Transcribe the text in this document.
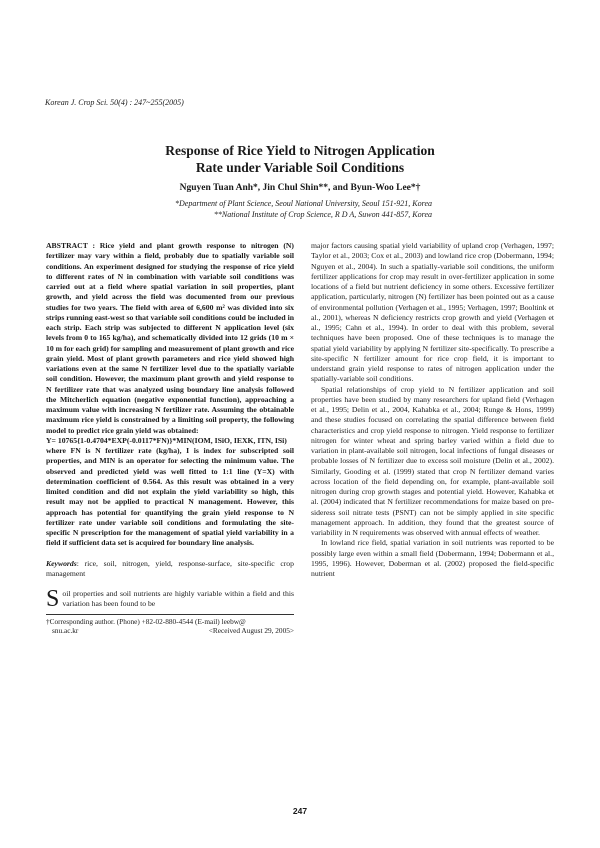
Korean J. Crop Sci. 50(4) : 247~255(2005)
Response of Rice Yield to Nitrogen Application
Rate under Variable Soil Conditions
Nguyen Tuan Anh*, Jin Chul Shin**, and Byun-Woo Lee*†
*Department of Plant Science, Seoul National University, Seoul 151-921, Korea
**National Institute of Crop Science, R D A, Suwon 441-857, Korea

ABSTRACT : Rice yield and plant growth response to nitrogen (N) fertilizer may vary within a field, probably due to spatially variable soil conditions. An experiment designed for studying the response of rice yield to different rates of N in combination with variable soil conditions was carried out at a field where spatial variation in soil properties, plant growth, and yield across the field was documented from our previous studies for two years. The field with area of 6,600 m² was divided into six strips running east-west so that variable soil conditions could be included in each strip. Each strip was subjected to different N application level (six levels from 0 to 165 kg/ha), and schematically divided into 12 grids (10 m × 10 m for each grid) for sampling and measurement of plant growth and rice grain yield. Most of plant growth parameters and rice yield showed high variations even at the same N fertilizer level due to the spatially variable soil condition. However, the maximum plant growth and yield response to N fertilizer rate that was analyzed using boundary line analysis followed the Mitcherlich equation (negative exponential function), approaching a maximum value with increasing N fertilizer rate. Assuming the obtainable maximum rice yield is constrained by a limiting soil property, the following model to predict rice grain yield was obtained:
Y= 10765{1-0.4704*EXP(-0.0117*FN)}*MIN(IOM, ISiO, IEXK, ITN, ISi)
where FN is N fertilizer rate (kg/ha), I is index for subscripted soil properties, and MIN is an operator for selecting the minimum value. The observed and predicted yield was well fitted to 1:1 line (Y=X) with determination coefficient of 0.564. As this result was obtained in a very limited condition and did not explain the yield variability so high, this result may not be applied to practical N management. However, this approach has potential for quantifying the grain yield response to N fertilizer rate under variable soil conditions and formulating the site-specific N prescription for the management of spatial yield variability in a field if sufficient data set is acquired for boundary line analysis.

Keywords: rice, soil, nitrogen, yield, response-surface, site-specific crop management

S oil properties and soil nutrients are highly variable within a field and this variation has been found to be

†Corresponding author. (Phone) +82-02-880-4544 (E-mail) leebw@

snu.ac.kr	<Received August 29, 2005>

major factors causing spatial yield variability of upland crop (Verhagen, 1997; Taylor et al., 2003; Cox et al., 2003) and lowland rice crop (Dobermann, 1994; Nguyen et al., 2004). In such a spatially-variable soil conditions, the uniform fertilizer applications for crop may result in over-fertilizer application in some locations of a field but nutrient deficiency in some others. Excessive fertilizer application, particularly, nitrogen (N) fertilizer has been pointed out as a cause of environmental pollution (Verhagen et al., 1995; Verhagen, 1997; Booltink et al., 2001), whereas N deficiency restricts crop growth and yield (Verhagen et al., 1995; Cahn et al., 1994). In order to deal with this problem, several techniques have been proposed. One of these techniques is to manage the spatial yield variability by applying N fertilizer site-specifically. To prescribe a site-specific N fertilizer amount for rice crop field, it is important to understand grain yield response to rates of nitrogen application under the spatially-variable soil conditions.

Spatial relationships of crop yield to N fertilizer application and soil properties have been studied by many researchers for upland field (Verhagen et al., 1995; Delin et al., 2004, Kahabka et al., 2004; Runge & Hons, 1999) and these studies focused on correlating the spatial difference between field characteristics and crop yield response to nitrogen. Yield response to fertilizer nitrogen for winter wheat and spring barley varied within a field due to variation in plant-available soil nitrogen, local infections of fungal diseases or probable losses of N fertilizer due to excess soil moisture (Delin et al., 2002). Similarly, Gooding et al. (1999) stated that crop N fertilizer demand varies across location of the field depending on, for example, plant-available soil nitrogen during crop growth stages and potential yield. However, Kahabka et al. (2004) indicated that N fertilizer recommendations for maize based on pre-sideress soil nitrate tests (PSNT) can not be simply applied in site specific management approach. In addition, they found that the greatest source of variability in N requirements was observed with annual effects of weather.

In lowland rice field, spatial variation in soil nutrients was reported to be possibly large even within a small field (Dobermann, 1994; Dobermann et al., 1995, 1996). However, Doberman et al. (2002) proposed the field-specific nutrient

247
